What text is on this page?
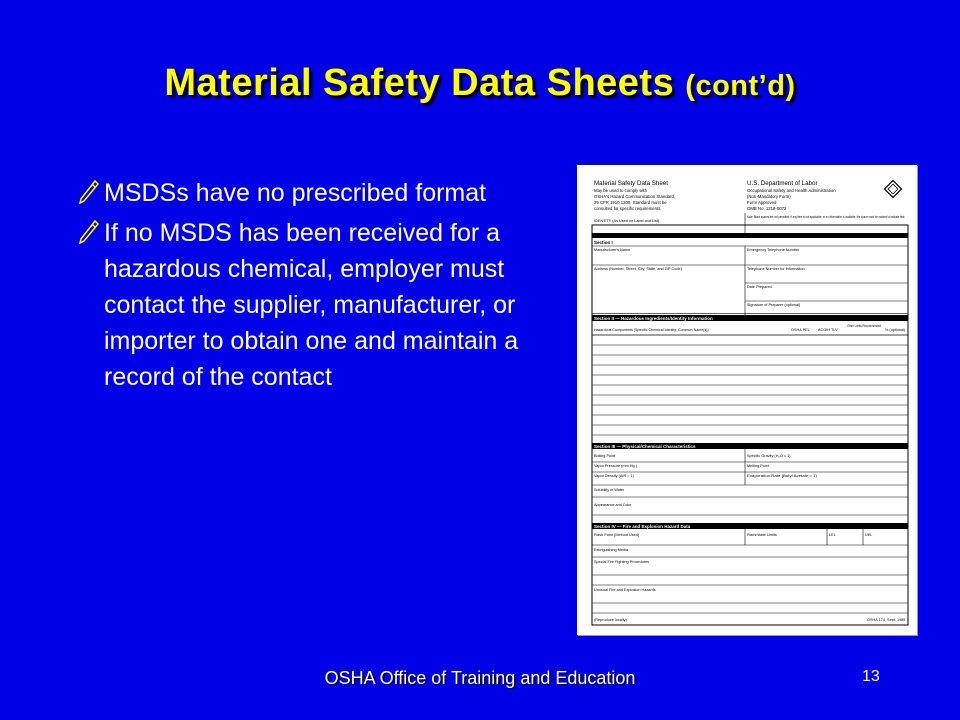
Material Safety Data Sheets (cont’d)
MSDSs have no prescribed format
If no MSDS has been received for a hazardous chemical, employer must contact the supplier, manufacturer, or importer to obtain one and maintain a record of the contact
Material Safety Data Sheet
May be used to comply with
OSHA's Hazard Communication Standard,
29 CFR 1910.1200. Standard must be
consulted for specific requirements.
U.S. Department of Labor
Occupational Safety and Health Administration
(Non-Mandatory Form)
Form Approved
OMB No. 1218-0072
IDENTITY (As Used on Label and List)
Note: Blank spaces are not permitted. If any item is not applicable, or no information is available, the space must be marked to indicate that.
Section I
Manufacturer's Name	Emergency Telephone Number
Address (Number, Street, City, State, and ZIP Code)	Telephone Number for Information
Date Prepared
Signature of Preparer (optional)
Section II — Hazardous Ingredients/Identity Information
Hazardous Components (Specific Chemical Identity; Common Name(s))	OSHA PEL ACGIH TLV
Other Limits Recommended
% (optional)
Section III — Physical/Chemical Characteristics
Boiling Point	Specific Gravity (H₂O = 1)
Vapor Pressure (mm Hg.)	Melting Point
Vapor Density (AIR = 1)	Evaporation Rate (Butyl Acetate = 1)
Solubility in Water
Appearance and Odor
Section IV — Fire and Explosion Hazard Data
Flash Point (Method Used)	Flammable Limits	LEL	UEL
Extinguishing Media
Special Fire Fighting Procedures
Unusual Fire and Explosion Hazards
(Reproduce locally)	OSHA 174, Sept. 1985
OSHA Office of Training and Education	13
